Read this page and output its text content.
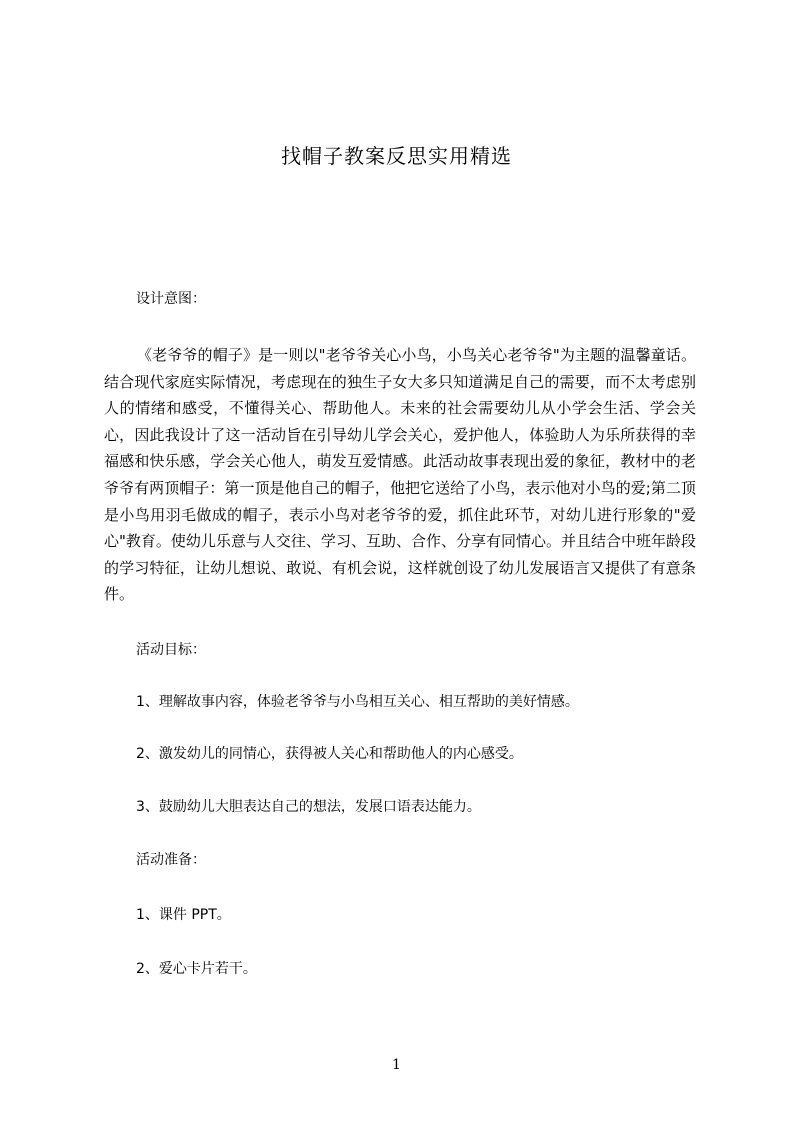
找帽子教案反思实用精选
设计意图：
《老爷爷的帽子》是一则以"老爷爷关心小鸟，小鸟关心老爷爷"为主题的温馨童话。结合现代家庭实际情况，考虑现在的独生子女大多只知道满足自己的需要，而不太考虑别人的情绪和感受，不懂得关心、帮助他人。未来的社会需要幼儿从小学会生活、学会关心，因此我设计了这一活动旨在引导幼儿学会关心，爱护他人，体验助人为乐所获得的幸福感和快乐感，学会关心他人，萌发互爱情感。此活动故事表现出爱的象征，教材中的老爷爷有两顶帽子：第一顶是他自己的帽子，他把它送给了小鸟，表示他对小鸟的爱;第二顶是小鸟用羽毛做成的帽子，表示小鸟对老爷爷的爱，抓住此环节，对幼儿进行形象的"爱心"教育。使幼儿乐意与人交往、学习、互助、合作、分享有同情心。并且结合中班年龄段的学习特征，让幼儿想说、敢说、有机会说，这样就创设了幼儿发展语言又提供了有意条件。
活动目标：
1、理解故事内容，体验老爷爷与小鸟相互关心、相互帮助的美好情感。
2、激发幼儿的同情心，获得被人关心和帮助他人的内心感受。
3、鼓励幼儿大胆表达自己的想法，发展口语表达能力。
活动准备：
1、课件 PPT。
2、爱心卡片若干。
1
